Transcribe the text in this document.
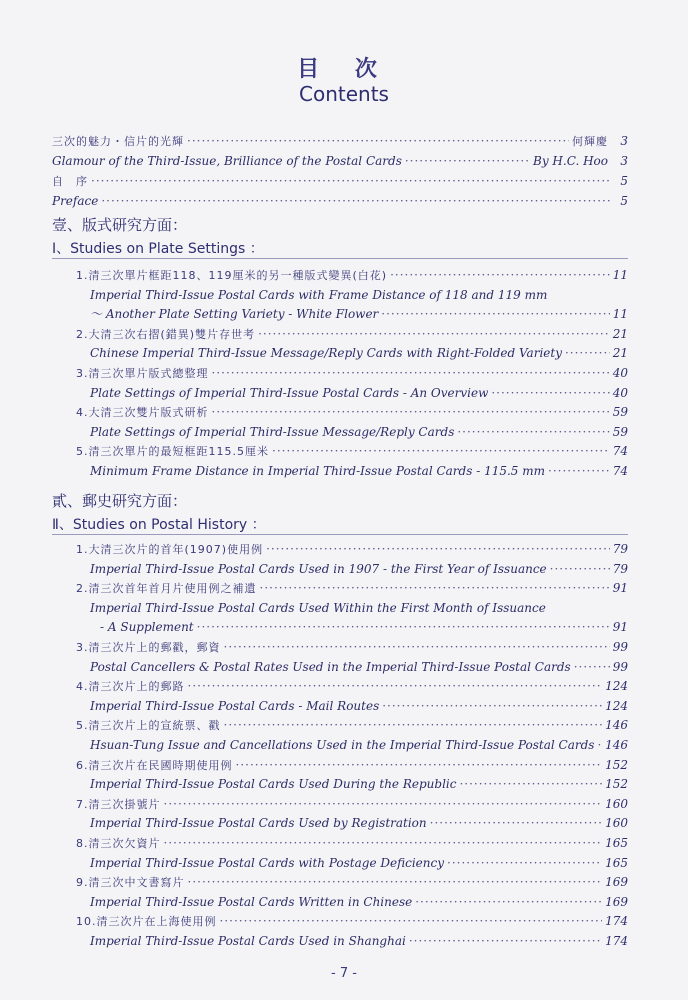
目 次
Contents
三次的魅力・信片的光輝 ·····	何輝慶	3
Glamour of the Third-Issue, Brilliance of the Postal Cards ·····	By H.C. Hoo	3
自　序 ·····	5
Preface ·····	5
壹、版式研究方面：
Ⅰ、Studies on Plate Settings ：
1.清三次單片框距118、119厘米的另一種版式變異(白花) ·····	11
Imperial Third-Issue Postal Cards with Frame Distance of 118 and 119 mm
～ Another Plate Setting Variety - White Flower ·····	11
2.大清三次右摺(錯異)雙片存世考 ·····	21
Chinese Imperial Third-Issue Message/Reply Cards with Right-Folded Variety ·····	21
3.清三次單片版式總整理 ·····	40
Plate Settings of Imperial Third-Issue Postal Cards - An Overview ·····	40
4.大清三次雙片版式研析 ·····	59
Plate Settings of Imperial Third-Issue Message/Reply Cards ·····	59
5.清三次單片的最短框距115.5厘米 ·····	74
Minimum Frame Distance in Imperial Third-Issue Postal Cards - 115.5 mm ·····	74
貳、郵史研究方面：
Ⅱ、Studies on Postal History ：
1.大清三次片的首年(1907)使用例 ·····	79
Imperial Third-Issue Postal Cards Used in 1907 - the First Year of Issuance ·····	79
2.清三次首年首月片使用例之補遺 ·····	91
Imperial Third-Issue Postal Cards Used Within the First Month of Issuance
- A Supplement ·····	91
3.清三次片上的郵戳，郵資 ·····	99
Postal Cancellers & Postal Rates Used in the Imperial Third-Issue Postal Cards ·····	99
4.清三次片上的郵路 ·····	124
Imperial Third-Issue Postal Cards - Mail Routes ·····	124
5.清三次片上的宣統票、戳 ·····	146
Hsuan-Tung Issue and Cancellations Used in the Imperial Third-Issue Postal Cards ····· 146
6.清三次片在民國時期使用例 ·····	152
Imperial Third-Issue Postal Cards Used During the Republic ·····	152
7.清三次掛號片 ·····	160
Imperial Third-Issue Postal Cards Used by Registration ·····	160
8.清三次欠資片 ·····	165
Imperial Third-Issue Postal Cards with Postage Deficiency ·····	165
9.清三次中文書寫片 ·····	169
Imperial Third-Issue Postal Cards Written in Chinese ·····	169
10.清三次片在上海使用例 ·····	174
Imperial Third-Issue Postal Cards Used in Shanghai ·····	174
- 7 -
